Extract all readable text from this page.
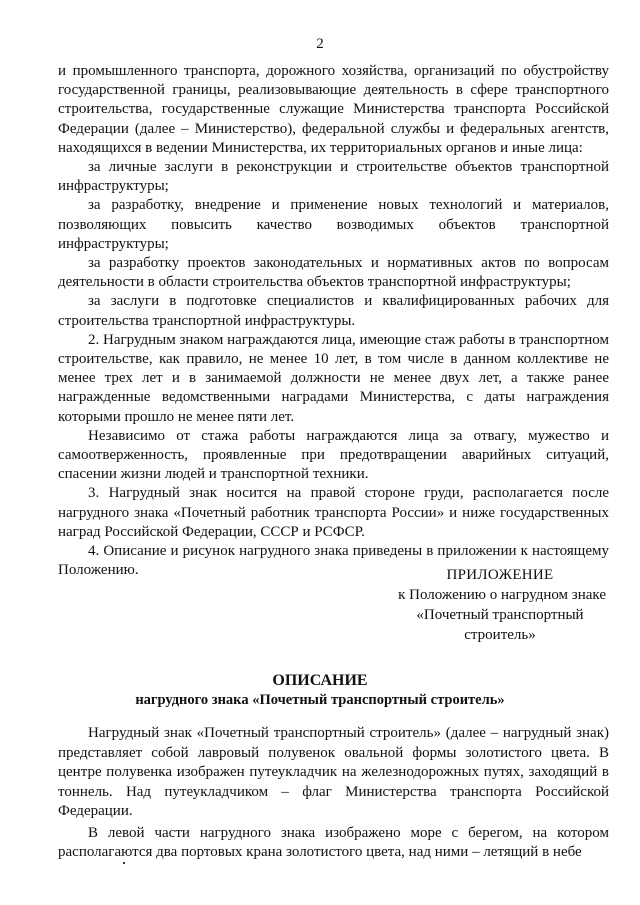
2

и промышленного транспорта, дорожного хозяйства, организаций по обустройству государственной границы, реализовывающие деятельность в сфере транспортного строительства, государственные служащие Министерства транспорта Российской Федерации (далее – Министерство), федеральной службы и федеральных агентств, находящихся в ведении Министерства, их территориальных органов и иные лица:

за личные заслуги в реконструкции и строительстве объектов транспортной инфраструктуры;

за разработку, внедрение и применение новых технологий и материалов, позволяющих повысить качество возводимых объектов транспортной инфраструктуры;

за разработку проектов законодательных и нормативных актов по вопросам деятельности в области строительства объектов транспортной инфраструктуры;

за заслуги в подготовке специалистов и квалифицированных рабочих для строительства транспортной инфраструктуры.

2. Нагрудным знаком награждаются лица, имеющие стаж работы в транспортном строительстве, как правило, не менее 10 лет, в том числе в данном коллективе не менее трех лет и в занимаемой должности не менее двух лет, а также ранее награжденные ведомственными наградами Министерства, с даты награждения которыми прошло не менее пяти лет.

Независимо от стажа работы награждаются лица за отвагу, мужество и самоотверженность, проявленные при предотвращении аварийных ситуаций, спасении жизни людей и транспортной техники.

3. Нагрудный знак носится на правой стороне груди, располагается после нагрудного знака «Почетный работник транспорта России» и ниже государственных наград Российской Федерации, СССР и РСФСР.

4. Описание и рисунок нагрудного знака приведены в приложении к настоящему Положению.	ПРИЛОЖЕНИЕ
к Положению о нагрудном знаке
«Почетный транспортный
строитель»
ОПИСАНИЕ
нагрудного знака «Почетный транспортный строитель»

Нагрудный знак «Почетный транспортный строитель» (далее – нагрудный знак) представляет собой лавровый полувенок овальной формы золотистого цвета. В центре полувенка изображен путеукладчик на железнодорожных путях, заходящий в тоннель. Над путеукладчиком – флаг Министерства транспорта Российской Федерации.

В левой части нагрудного знака изображено море с берегом, на котором располагаются два портовых крана золотистого цвета, над ними – летящий в небе
